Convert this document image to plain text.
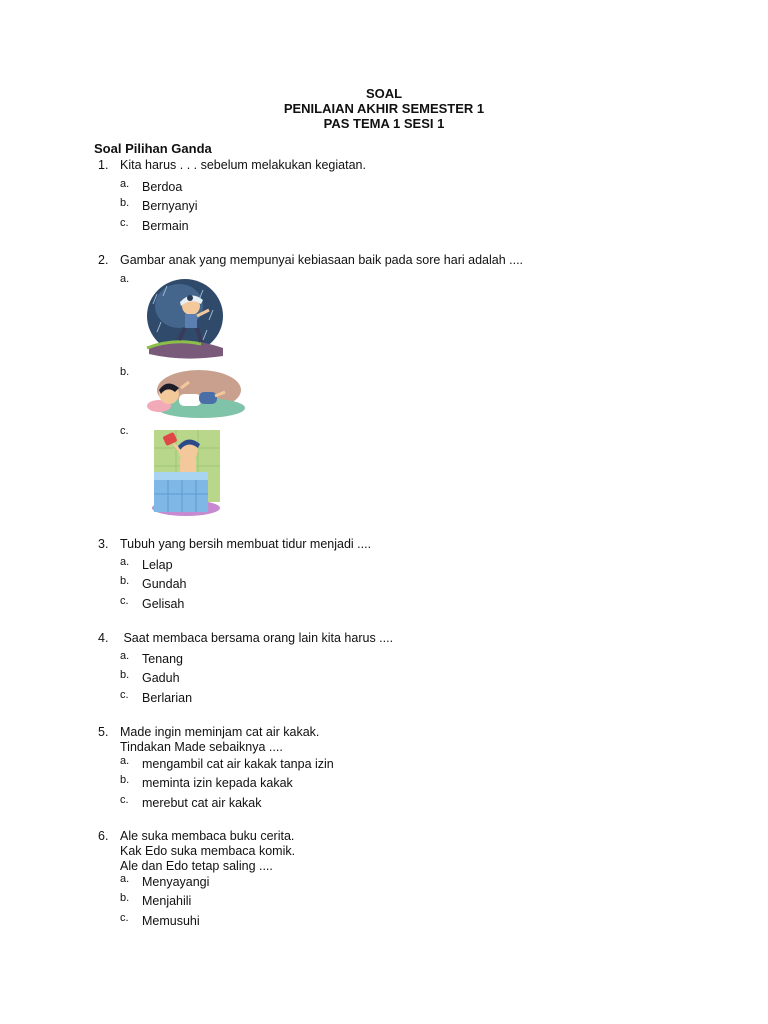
SOAL
PENILAIAN AKHIR SEMESTER 1
PAS TEMA 1 SESI 1
Soal Pilihan Ganda
1. Kita harus . . . sebelum melakukan kegiatan.
a. Berdoa
b. Bernyanyi
c. Bermain
2. Gambar anak yang mempunyai kebiasaan baik pada sore hari adalah ....
a.
b.
c.
3. Tubuh yang bersih membuat tidur menjadi ....
a. Lelap
b. Gundah
c. Gelisah
4. Saat membaca bersama orang lain kita harus ....
a. Tenang
b. Gaduh
c. Berlarian
5. Made ingin meminjam cat air kakak.
Tindakan Made sebaiknya ....
a. mengambil cat air kakak tanpa izin
b. meminta izin kepada kakak
c. merebut cat air kakak
6. Ale suka membaca buku cerita.
Kak Edo suka membaca komik.
Ale dan Edo tetap saling ....
a. Menyayangi
b. Menjahili
c. Memusuhi
